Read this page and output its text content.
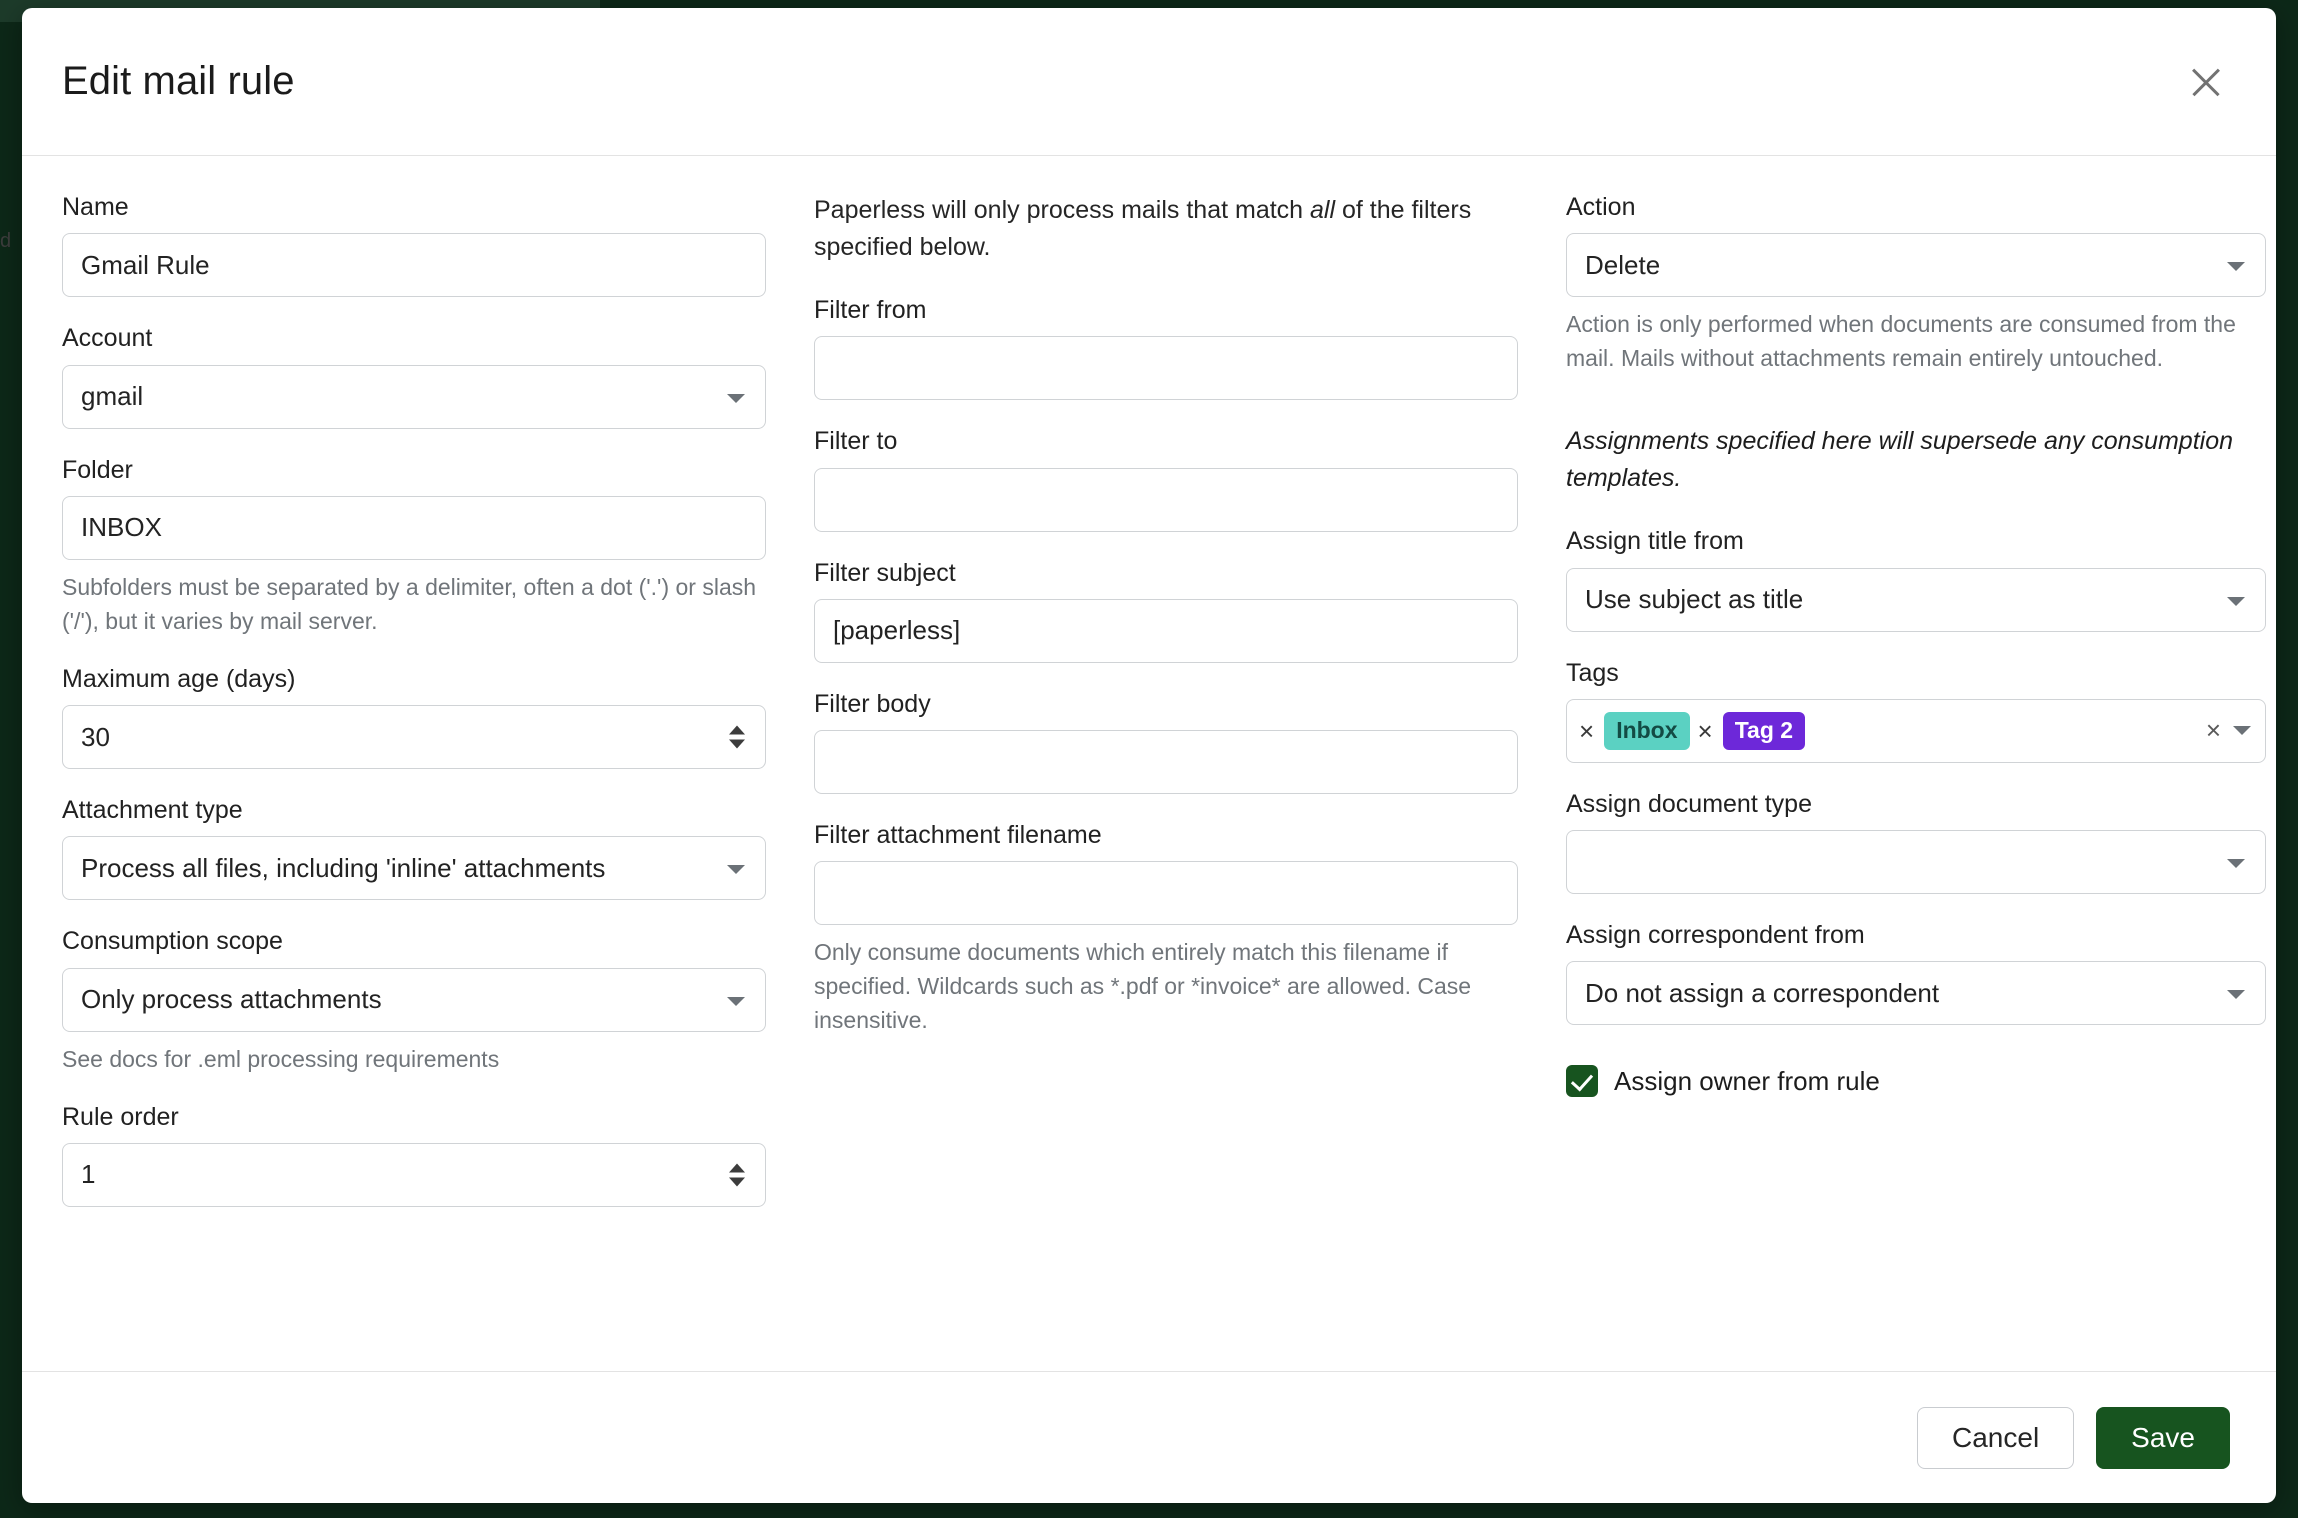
d
Edit mail rule
Name
Gmail Rule
Account
gmail
Folder
INBOX
Subfolders must be separated by a delimiter, often a dot ('.') or slash ('/'), but it varies by mail server.
Maximum age (days)
30
Attachment type
Process all files, including 'inline' attachments
Consumption scope
Only process attachments
See docs for .eml processing requirements
Rule order
1

Paperless will only process mails that match all of the filters specified below.

Filter from
Filter to
Filter subject
[paperless]
Filter body
Filter attachment filename
Only consume documents which entirely match this filename if specified. Wildcards such as *.pdf or *invoice* are allowed. Case insensitive.
Action
Delete
Action is only performed when documents are consumed from the mail. Mails without attachments remain entirely untouched.
Assignments specified here will supersede any consumption templates.
Assign title from
Use subject as title
Tags
× Inbox × Tag 2	×
Assign document type
Assign correspondent from
Do not assign a correspondent
Assign owner from rule
Cancel	Save
